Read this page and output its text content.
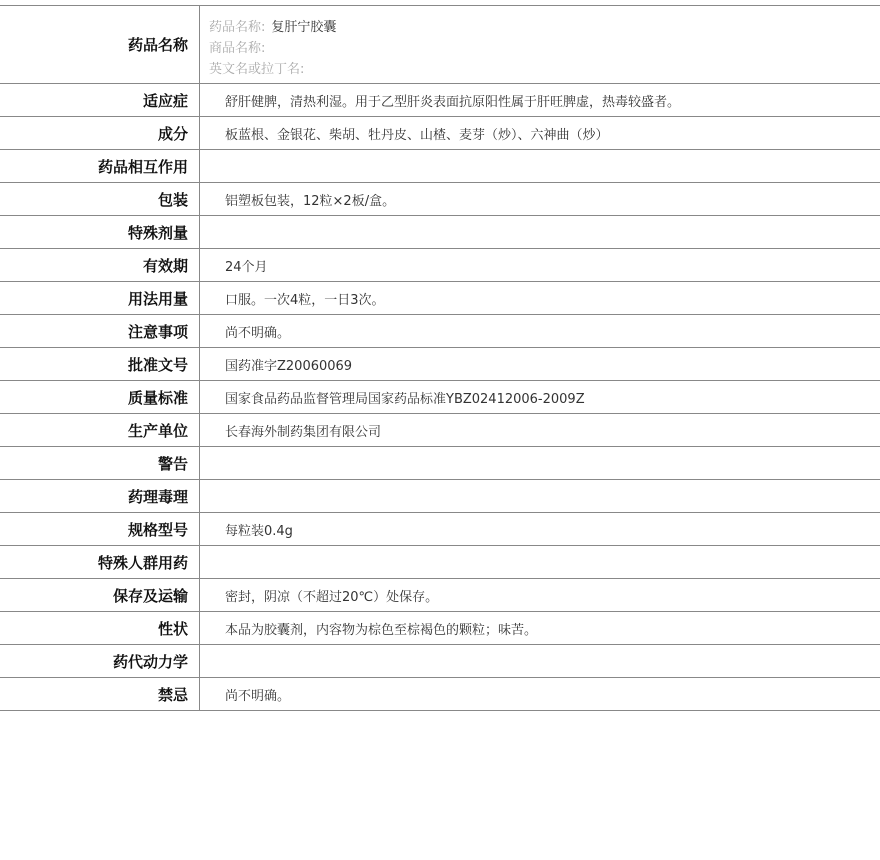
药品名称
药品名称: 复肝宁胶囊
商品名称:
英文名或拉丁名:
适应症	舒肝健脾，清热利湿。用于乙型肝炎表面抗原阳性属于肝旺脾虚，热毒较盛者。
成分	板蓝根、金银花、柴胡、牡丹皮、山楂、麦芽（炒）、六神曲（炒）
药品相互作用
包装	铝塑板包装，12粒×2板/盒。
特殊剂量
有效期	24个月
用法用量	口服。一次4粒，一日3次。
注意事项	尚不明确。
批准文号	国药准字Z20060069
质量标准	国家食品药品监督管理局国家药品标准YBZ02412006-2009Z
生产单位	长春海外制药集团有限公司
警告
药理毒理
规格型号	每粒装0.4g
特殊人群用药
保存及运输	密封，阴凉（不超过20℃）处保存。
性状	本品为胶囊剂，内容物为棕色至棕褐色的颗粒；味苦。
药代动力学
禁忌	尚不明确。
